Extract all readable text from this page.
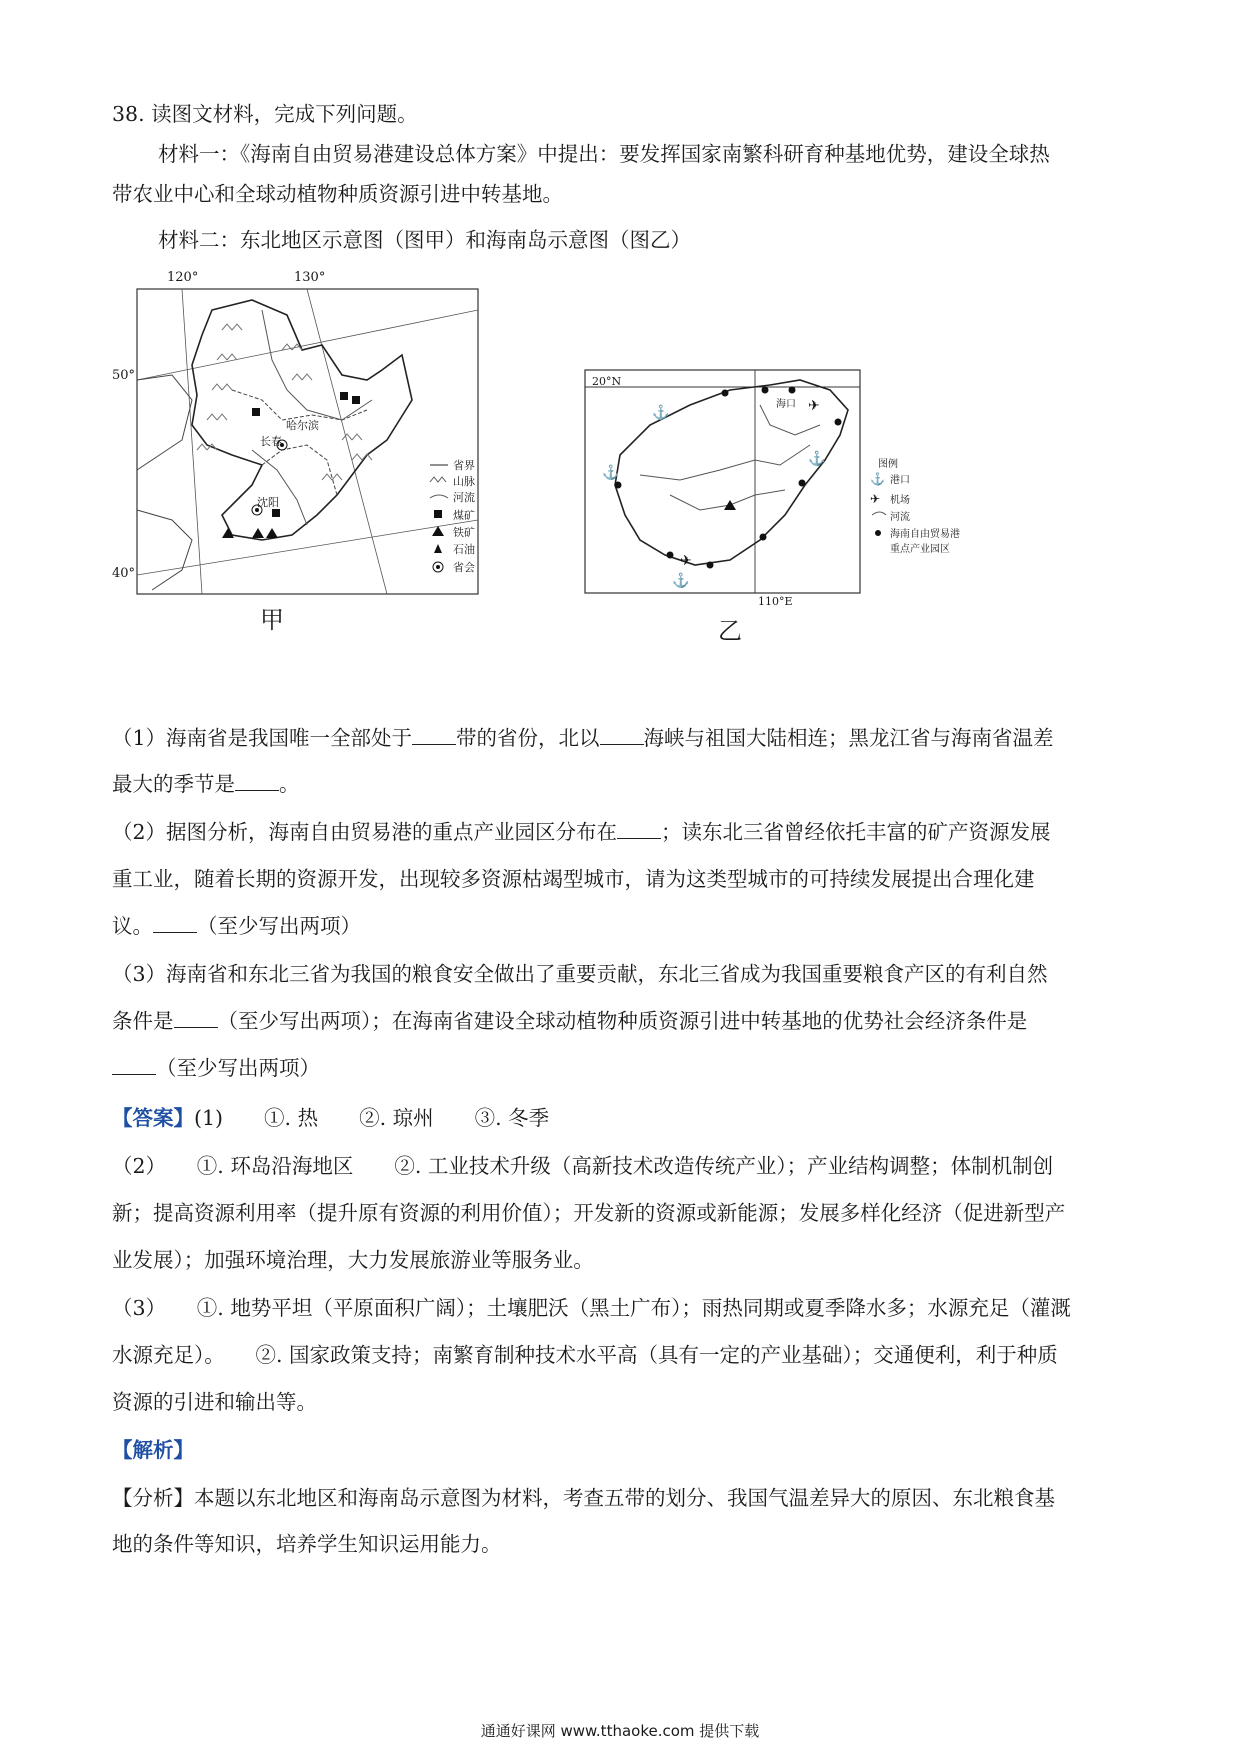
38. 读图文材料，完成下列问题。
材料一：《海南自由贸易港建设总体方案》中提出：要发挥国家南繁科研育种基地优势，建设全球热
带农业中心和全球动植物种质资源引进中转基地。
材料二：东北地区示意图（图甲）和海南岛示意图（图乙）
120°	130°
50°
40°
哈尔滨
长春
沈阳
省界
山脉
河流
煤矿
铁矿
石油
省会
甲
⚓
⚓
⚓
⚓
✈
✈
⚓
✈
20°N
110°E
海口
图例
港口
机场
河流
海南自由贸易港
重点产业园区
乙
（1）海南省是我国唯一全部处于 带的省份，北以 海峡与祖国大陆相连；黑龙江省与海南省温差
最大的季节是 。
（2）据图分析，海南自由贸易港的重点产业园区分布在 ；读东北三省曾经依托丰富的矿产资源发展
重工业，随着长期的资源开发，出现较多资源枯竭型城市，请为这类型城市的可持续发展提出合理化建
议。 （至少写出两项）
（3）海南省和东北三省为我国的粮食安全做出了重要贡献，东北三省成为我国重要粮食产区的有利自然
条件是 （至少写出两项）；在海南省建设全球动植物种质资源引进中转基地的优势社会经济条件是
（至少写出两项）
【答案】(1)　　①. 热　　②. 琼州　　③. 冬季
（2）　　①. 环岛沿海地区　　②. 工业技术升级（高新技术改造传统产业）；产业结构调整；体制机制创
新；提高资源利用率（提升原有资源的利用价值）；开发新的资源或新能源；发展多样化经济（促进新型产
业发展）；加强环境治理，大力发展旅游业等服务业。
（3）　　①. 地势平坦（平原面积广阔）；土壤肥沃（黑土广布）；雨热同期或夏季降水多；水源充足（灌溉
水源充足）。　　②. 国家政策支持；南繁育制种技术水平高（具有一定的产业基础）；交通便利，利于种质
资源的引进和输出等。
【解析】
【分析】本题以东北地区和海南岛示意图为材料，考查五带的划分、我国气温差异大的原因、东北粮食基
地的条件等知识，培养学生知识运用能力。
通通好课网 www.tthaoke.com 提供下载
